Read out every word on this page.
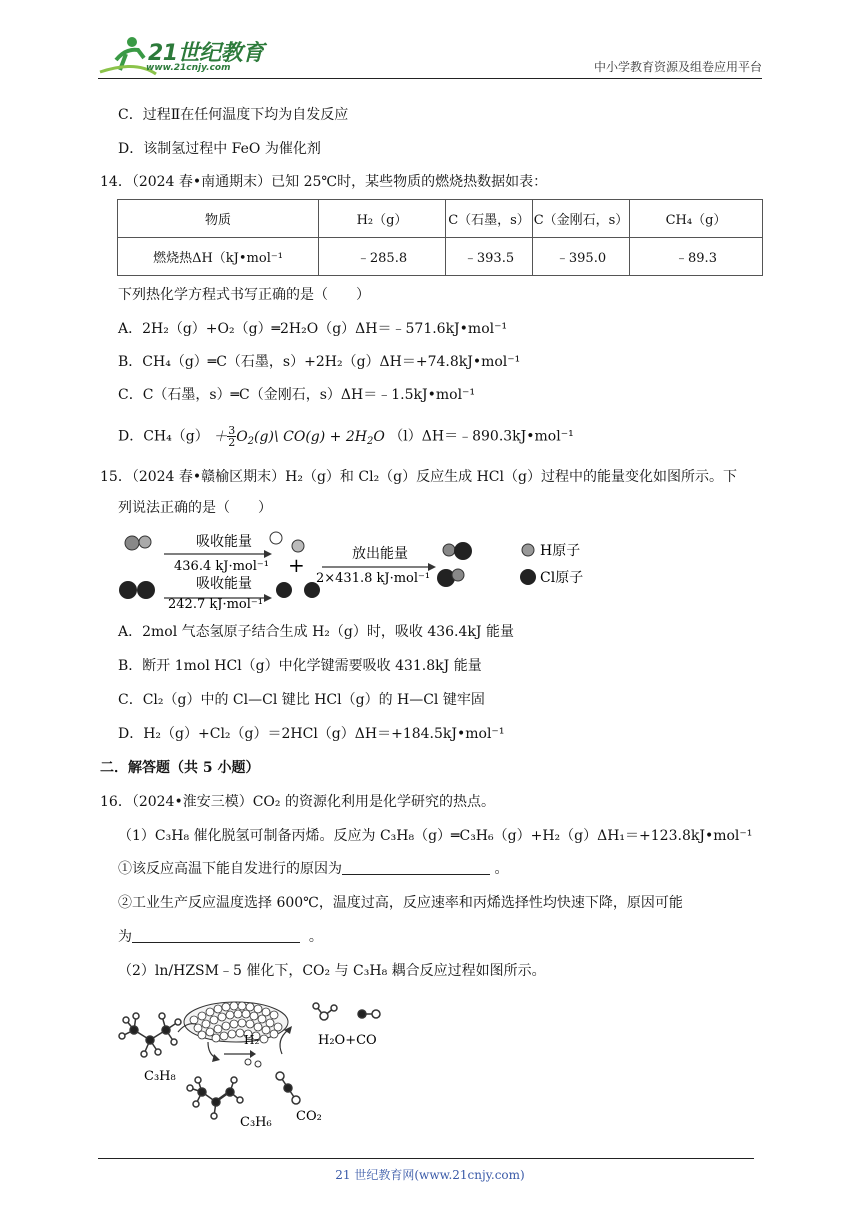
21世纪教育
www.21cnjy.com	中小学教育资源及组卷应用平台
C．过程Ⅱ在任何温度下均为自发反应
D．该制氢过程中 FeO 为催化剂
14．（2024 春•南通期末）已知 25℃时，某些物质的燃烧热数据如表：
物质	H₂（g）	C（石墨，s）	C（金刚石，s）	CH₄（g）
燃烧热ΔH（kJ•mol⁻¹	﹣285.8	﹣393.5	﹣395.0	﹣89.3
下列热化学方程式书写正确的是（　　）
A．2H₂（g）+O₂（g）═2H₂O（g）ΔH＝﹣571.6kJ•mol⁻¹
B．CH₄（g）═C（石墨，s）+2H₂（g）ΔH＝+74.8kJ•mol⁻¹
C．C（石墨，s）═C（金刚石，s）ΔH＝﹣1.5kJ•mol⁻¹
D．CH₄（g） ＋3
$2O_2(g)\backslash$ $CO(g) + 2H_2O$ （l）ΔH＝﹣890.3kJ•mol⁻¹
15．（2024 春•赣榆区期末）H₂（g）和 Cl₂（g）反应生成 HCl（g）过程中的能量变化如图所示。下
列说法正确的是（　　）
吸收能量
436.4 kJ·mol⁻¹
吸收能量
242.7 kJ·mol⁻¹
+	放出能量
2×431.8 kJ·mol⁻¹
H原子
Cl原子
A．2mol 气态氢原子结合生成 H₂（g）时，吸收 436.4kJ 能量
B．断开 1mol HCl（g）中化学键需要吸收 431.8kJ 能量
C．Cl₂（g）中的 Cl—Cl 键比 HCl（g）的 H—Cl 键牢固
D．H₂（g）+Cl₂（g）＝2HCl（g）ΔH＝+184.5kJ•mol⁻¹
二．解答题（共 5 小题）
16．（2024•淮安三模）CO₂ 的资源化利用是化学研究的热点。
（1）C₃H₈ 催化脱氢可制备丙烯。反应为 C₃H₈（g）═C₃H₆（g）+H₂（g）ΔH₁＝+123.8kJ•mol⁻¹
①该反应高温下能自发进行的原因为	。
②工业生产反应温度选择 600℃，温度过高，反应速率和丙烯选择性均快速下降，原因可能
为	。
（2）ln/HZSM﹣5 催化下，CO₂ 与 C₃H₈ 耦合反应过程如图所示。
C₃H₈
H₂
C₃H₆ CO₂
H₂O+CO
21 世纪教育网(www.21cnjy.com)
